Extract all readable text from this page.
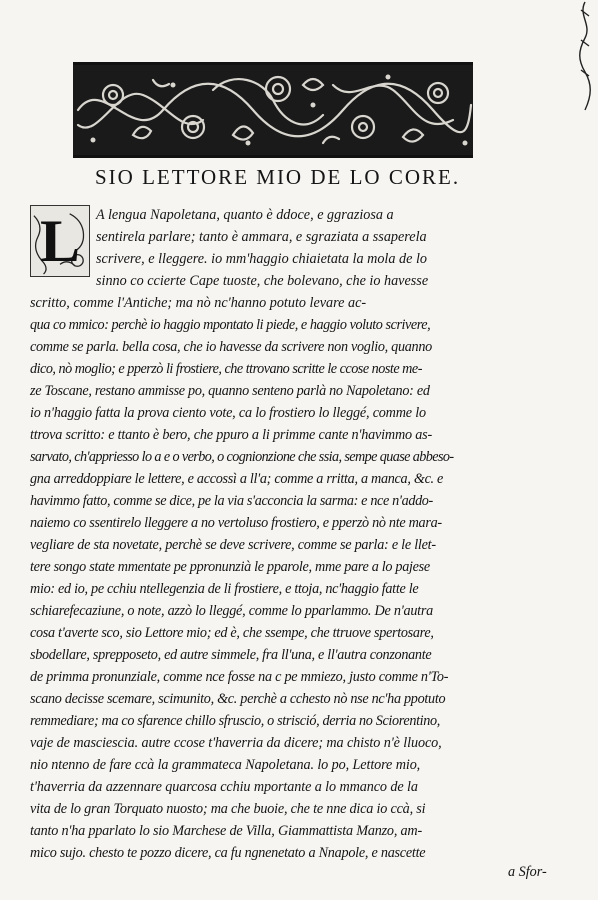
SIO LETTORE MIO DE LO CORE.
L A lengua Napoletana, quanto è ddoce, e ggraziosa a
sentirela parlare; tanto è ammara, e sgraziata a ssaperela
scrivere, e lleggere. io mm'haggio chiaietata la mola de lo
sinno co ccierte Cape tuoste, che bolevano, che io havesse
scritto, comme l'Antiche; ma nò nc'hanno potuto levare ac-
qua co mmico: perchè io haggio mpontato li piede, e haggio voluto scrivere,
comme se parla. bella cosa, che io havesse da scrivere non voglio, quanno
dico, nò moglio; e pperzò li frostiere, che ttrovano scritte le ccose noste me-
ze Toscane, restano ammisse po, quanno senteno parlà no Napoletano: ed
io n'haggio fatta la prova ciento vote, ca lo frostiero lo lleggé, comme lo
ttrova scritto: e ttanto è bero, che ppuro a li primme cante n'havimmo as-
sarvato, ch'appriesso lo a e o verbo, o cognionzione che ssia, sempe quase abbeso-
gna arreddoppiare le lettere, e accossì a ll'a; comme a rritta, a manca, &c. e
havimmo fatto, comme se dice, pe la via s'acconcia la sarma: e nce n'addo-
naiemo co ssentirelo lleggere a no vertoluso frostiero, e pperzò nò nte mara-
vegliare de sta novetate, perchè se deve scrivere, comme se parla: e le llet-
tere songo state mmentate pe ppronunzià le pparole, mme pare a lo pajese
mio: ed io, pe cchiu ntellegenzia de li frostiere, e ttoja, nc'haggio fatte le
schiarefecaziune, o note, azzò lo lleggé, comme lo pparlammo. De n'autra
cosa t'averte sco, sio Lettore mio; ed è, che ssempe, che ttruove spertosare,
sbodellare, sprepposeto, ed autre simmele, fra ll'una, e ll'autra conzonante
de primma pronunziale, comme nce fosse na c pe mmiezo, justo comme n'To-
scano decisse scemare, scimunito, &c. perchè a cchesto nò nse nc'ha ppotuto
remmediare; ma co sfarence chillo sfruscio, o strisció, derria no Sciorentino,
vaje de masciescia. autre ccose t'haverria da dicere; ma chisto n'è lluoco,
nio ntenno de fare ccà la grammateca Napoletana. lo po, Lettore mio,
t'haverria da azzennare quarcosa cchiu mportante a lo mmanco de la
vita de lo gran Torquato nuosto; ma che buoie, che te nne dica io ccà, si
tanto n'ha pparlato lo sio Marchese de Villa, Giammattista Manzo, am-
mico sujo. chesto te pozzo dicere, ca fu ngnenetato a Nnapole, e nascette
a Sfor-
